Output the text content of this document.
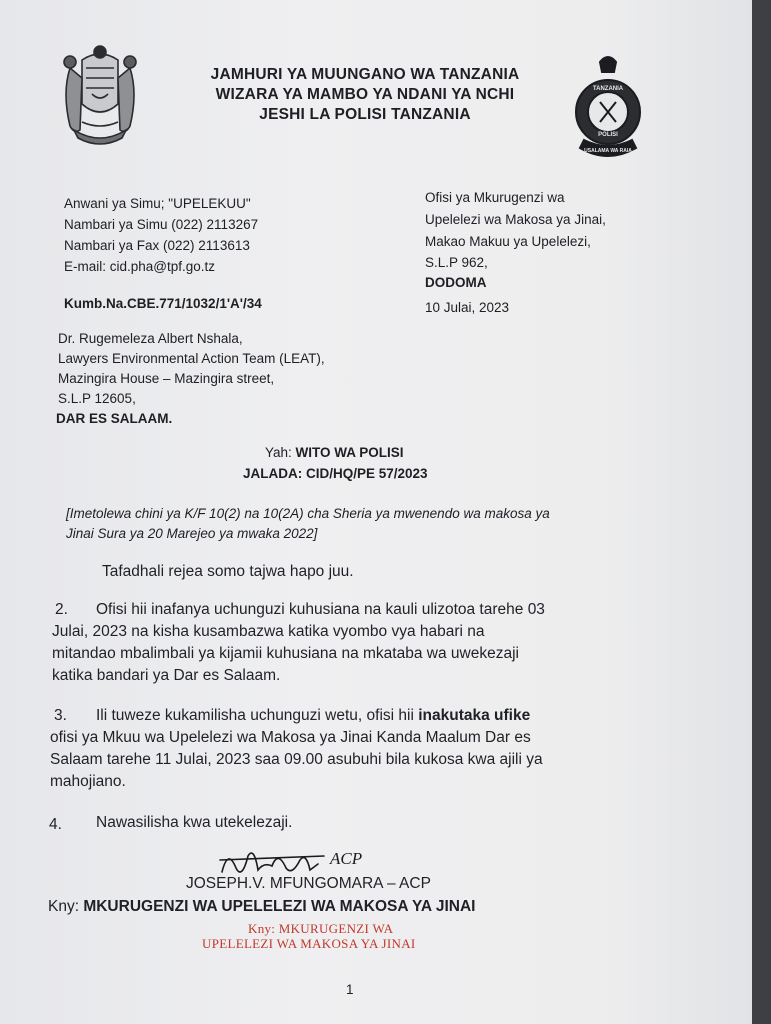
JAMHURI YA MUUNGANO WA TANZANIA
WIZARA YA MAMBO YA NDANI YA NCHI
JESHI LA POLISI TANZANIA
TANZANIA
POLISI
USALAMA WA RAIA
Anwani ya Simu; "UPELEKUU"
Nambari ya Simu (022) 2113267
Nambari ya Fax (022) 2113613
E-mail: cid.pha@tpf.go.tz
Ofisi ya Mkurugenzi wa
Upelelezi wa Makosa ya Jinai,
Makao Makuu ya Upelelezi,
S.L.P 962,
DODOMA
10 Julai, 2023
Kumb.Na.CBE.771/1032/1'A'/34
Dr. Rugemeleza Albert Nshala,
Lawyers Environmental Action Team (LEAT),
Mazingira House – Mazingira street,
S.L.P 12605,
DAR ES SALAAM.
Yah: WITO WA POLISI
JALADA: CID/HQ/PE 57/2023
[Imetolewa chini ya K/F 10(2) na 10(2A) cha Sheria ya mwenendo wa makosa ya
Jinai Sura ya 20 Marejeo ya mwaka 2022]
Tafadhali rejea somo tajwa hapo juu.
2. Ofisi hii inafanya uchunguzi kuhusiana na kauli ulizotoa tarehe 03
Julai, 2023 na kisha kusambazwa katika vyombo vya habari na
mitandao mbalimbali ya kijamii kuhusiana na mkataba wa uwekezaji
katika bandari ya Dar es Salaam.
3. Ili tuweze kukamilisha uchunguzi wetu, ofisi hii inakutaka ufike
ofisi ya Mkuu wa Upelelezi wa Makosa ya Jinai Kanda Maalum Dar es
Salaam tarehe 11 Julai, 2023 saa 09.00 asubuhi bila kukosa kwa ajili ya
mahojiano.
4. Nawasilisha kwa utekelezaji.
ACP
JOSEPH.V. MFUNGOMARA – ACP
Kny: MKURUGENZI WA UPELELEZI WA MAKOSA YA JINAI
Kny: MKURUGENZI WA
UPELELEZI WA MAKOSA YA JINAI
1
